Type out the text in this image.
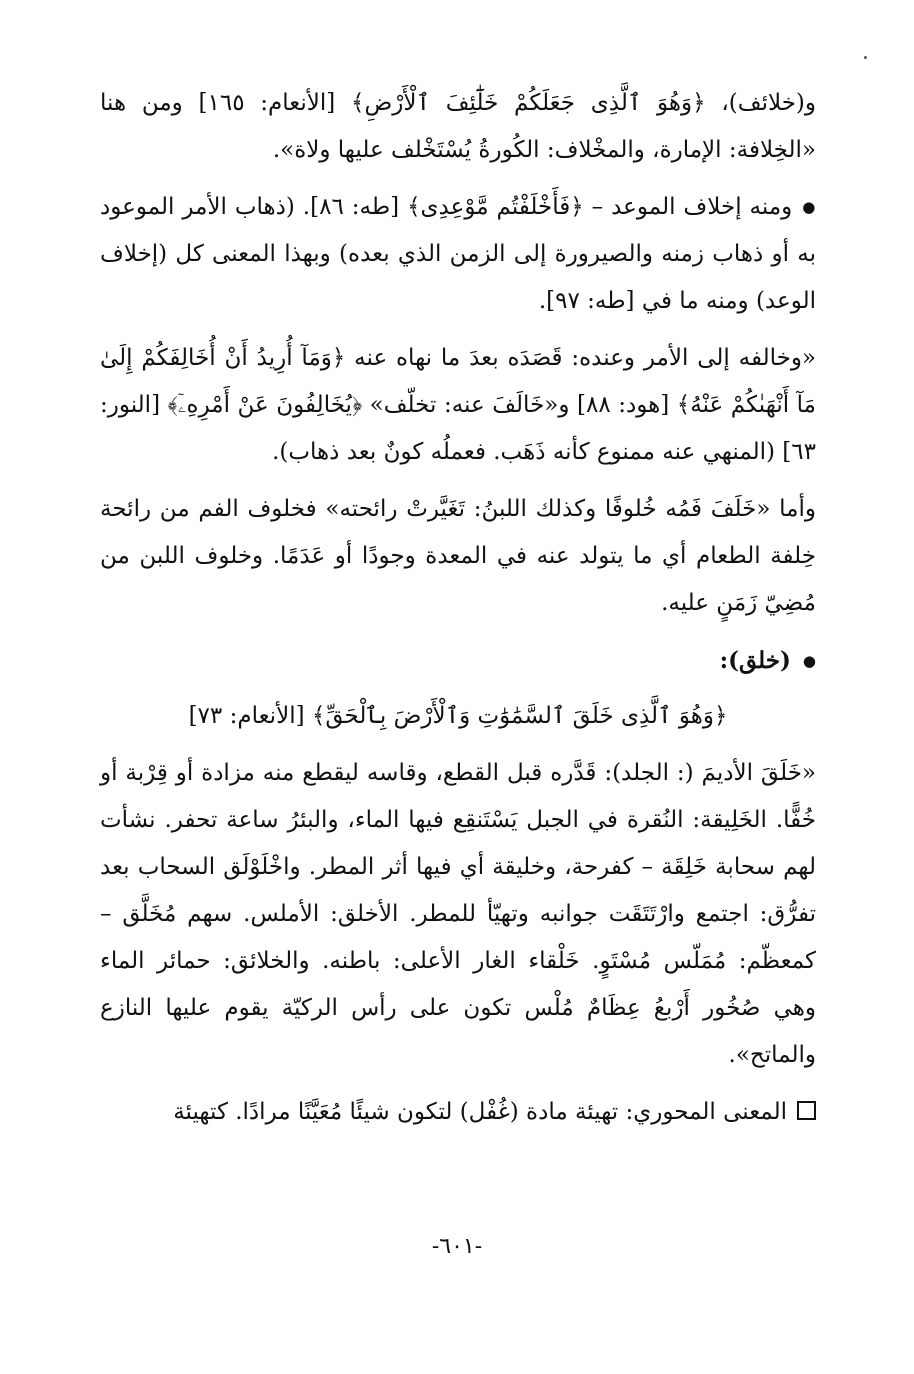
و(خلائف)، ﴿وَهُوَ ٱلَّذِى جَعَلَكُمْ خَلَٰٓئِفَ ٱلْأَرْضِ﴾ [الأنعام: ١٦٥] ومن هنا «الخِلافة: الإمارة، والمخْلاف: الكُورةُ يُسْتَخْلف عليها ولاة».

● ومنه إخلاف الموعد – ﴿فَأَخْلَفْتُم مَّوْعِدِى﴾ [طه: ٨٦]. (ذهاب الأمر الموعود به أو ذهاب زمنه والصيرورة إلى الزمن الذي بعده) وبهذا المعنى كل (إخلاف الوعد) ومنه ما في [طه: ٩٧].

«وخالفه إلى الأمر وعنده: قَصَدَه بعدَ ما نهاه عنه ﴿وَمَآ أُرِيدُ أَنْ أُخَالِفَكُمْ إِلَىٰ مَآ أَنْهَىٰكُمْ عَنْهُ﴾ [هود: ٨٨] و«خَالَفَ عنه: تخلّف» ﴿يُخَالِفُونَ عَنْ أَمْرِهِۦٓ﴾ [النور: ٦٣] (المنهي عنه ممنوع كأنه ذَهَب. فعملُه كونٌ بعد ذهاب).

وأما «خَلَفَ فَمُه خُلوفًا وكذلك اللبنُ: تَغَيَّرتْ رائحته» فخلوف الفم من رائحة خِلفة الطعام أي ما يتولد عنه في المعدة وجودًا أو عَدَمًا. وخلوف اللبن من مُضِيّ زَمَنٍ عليه.

●(خلق):

﴿وَهُوَ ٱلَّذِى خَلَقَ ٱلسَّمَٰوَٰتِ وَٱلْأَرْضَ بِٱلْحَقِّ﴾ [الأنعام: ٧٣]

«خَلَقَ الأديمَ (: الجلد): قَدَّره قبل القطع، وقاسه ليقطع منه مزادة أو قِرْبة أو خُفًّا. الخَلِيقة: النُقرة في الجبل يَسْتَنقِع فيها الماء، والبئرُ ساعة تحفر. نشأت لهم سحابة خَلِقَة – كفرحة، وخليقة أي فيها أثر المطر. واخْلَوْلَق السحاب بعد تفرُّق: اجتمع وارْتَتَقَت جوانبه وتهيّأ للمطر. الأخلق: الأملس. سهم مُخَلَّق – كمعظّم: مُمَلّس مُسْتَوٍ. خَلْقاء الغار الأعلى: باطنه. والخلائق: حمائر الماء وهي صُخُور أَرْبعُ عِظَامٌ مُلْس تكون على رأس الركيّة يقوم عليها النازع والماتح».

المعنى المحوري: تهيئة مادة (غُفْل) لتكون شيئًا مُعَيَّنًا مرادًا. كتهيئة

-٦٠١-
